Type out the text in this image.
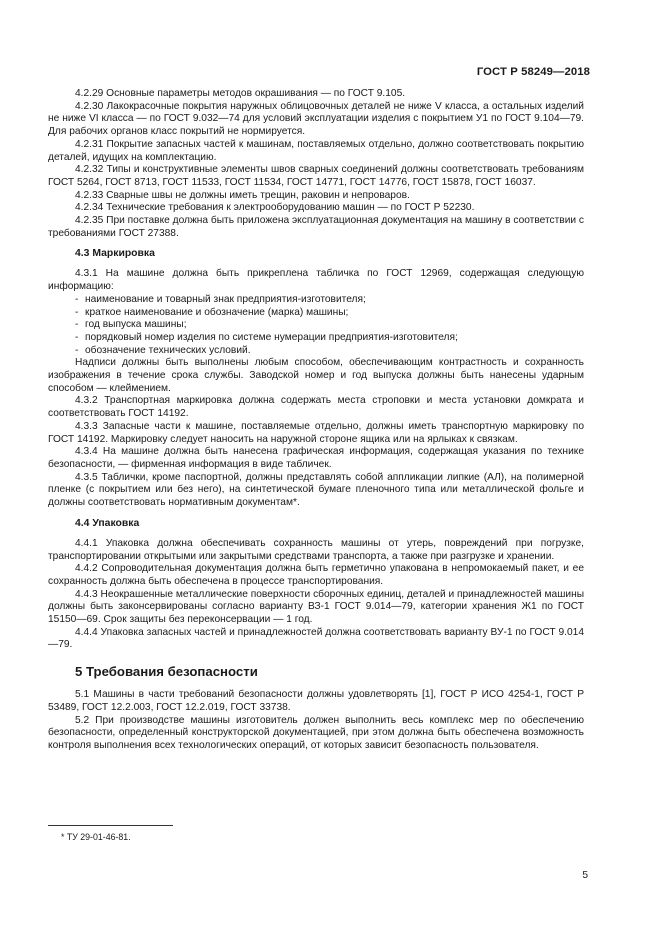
ГОСТ Р 58249—2018

4.2.29 Основные параметры методов окрашивания — по ГОСТ 9.105.

4.2.30 Лакокрасочные покрытия наружных облицовочных деталей не ниже V класса, а остальных изделий не ниже VI класса — по ГОСТ 9.032—74 для условий эксплуатации изделия с покрытием У1 по ГОСТ 9.104—79. Для рабочих органов класс покрытий не нормируется.

4.2.31 Покрытие запасных частей к машинам, поставляемых отдельно, должно соответствовать покрытию деталей, идущих на комплектацию.

4.2.32 Типы и конструктивные элементы швов сварных соединений должны соответствовать требованиям ГОСТ 5264, ГОСТ 8713, ГОСТ 11533, ГОСТ 11534, ГОСТ 14771, ГОСТ 14776, ГОСТ 15878, ГОСТ 16037.

4.2.33 Сварные швы не должны иметь трещин, раковин и непроваров.

4.2.34 Технические требования к электрооборудованию машин — по ГОСТ Р 52230.

4.2.35 При поставке должна быть приложена эксплуатационная документация на машину в соответствии с требованиями ГОСТ 27388.

4.3 Маркировка

4.3.1 На машине должна быть прикреплена табличка по ГОСТ 12969, содержащая следующую информацию:

- наименование и товарный знак предприятия-изготовителя;
- краткое наименование и обозначение (марка) машины;
- год выпуска машины;
- порядковый номер изделия по системе нумерации предприятия-изготовителя;
- обозначение технических условий.

Надписи должны быть выполнены любым способом, обеспечивающим контрастность и сохранность изображения в течение срока службы. Заводской номер и год выпуска должны быть нанесены ударным способом — клеймением.

4.3.2 Транспортная маркировка должна содержать места строповки и места установки домкрата и соответствовать ГОСТ 14192.

4.3.3 Запасные части к машине, поставляемые отдельно, должны иметь транспортную маркировку по ГОСТ 14192. Маркировку следует наносить на наружной стороне ящика или на ярлыках к связкам.

4.3.4 На машине должна быть нанесена графическая информация, содержащая указания по технике безопасности, — фирменная информация в виде табличек.

4.3.5 Таблички, кроме паспортной, должны представлять собой аппликации липкие (АЛ), на полимерной пленке (с покрытием или без него), на синтетической бумаге пленочного типа или металлической фольге и должны соответствовать нормативным документам*.

4.4 Упаковка

4.4.1 Упаковка должна обеспечивать сохранность машины от утерь, повреждений при погрузке, транспортировании открытыми или закрытыми средствами транспорта, а также при разгрузке и хранении.

4.4.2 Сопроводительная документация должна быть герметично упакована в непромокаемый пакет, и ее сохранность должна быть обеспечена в процессе транспортирования.

4.4.3 Неокрашенные металлические поверхности сборочных единиц, деталей и принадлежностей машины должны быть законсервированы согласно варианту ВЗ-1 ГОСТ 9.014—79, категории хранения Ж1 по ГОСТ 15150—69. Срок защиты без переконсервации — 1 год.

4.4.4 Упаковка запасных частей и принадлежностей должна соответствовать варианту ВУ-1 по ГОСТ 9.014—79.

5 Требования безопасности

5.1 Машины в части требований безопасности должны удовлетворять [1], ГОСТ Р ИСО 4254-1, ГОСТ Р 53489, ГОСТ 12.2.003, ГОСТ 12.2.019, ГОСТ 33738.

5.2 При производстве машины изготовитель должен выполнить весь комплекс мер по обеспечению безопасности, определенный конструкторской документацией, при этом должна быть обеспечена возможность контроля выполнения всех технологических операций, от которых зависит безопасность пользователя.

* ТУ 29-01-46-81.
5
